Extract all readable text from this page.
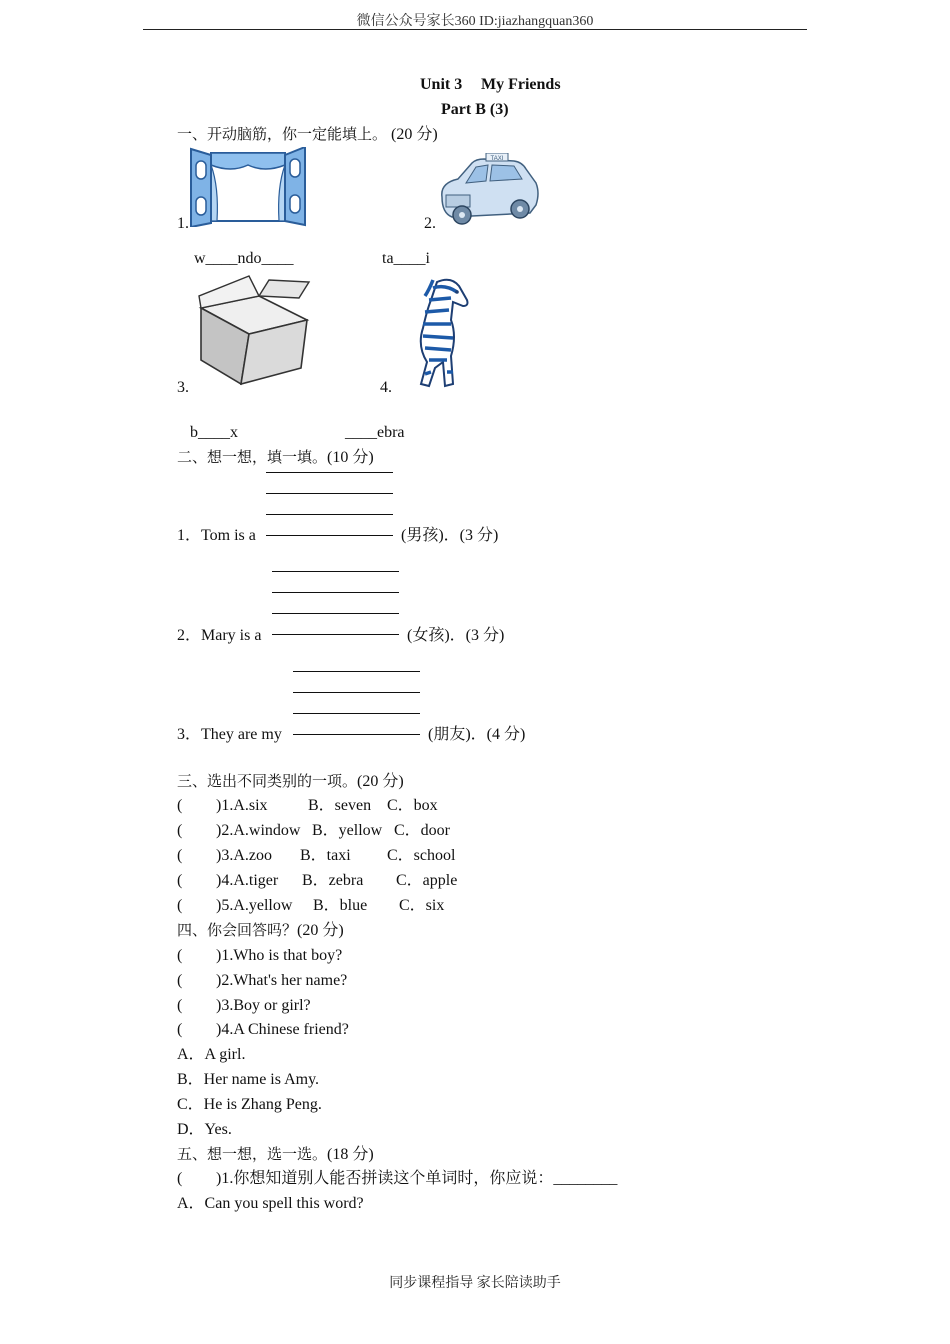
微信公众号家长360 ID:jiazhangquan360
Unit 3 My Friends
Part B (3)
一、开动脑筋，你一定能填上。 (20 分)
1.
TAXI
2.
w____ndo____	ta____i
3.	4.
b____x	____ebra
二、想一想，填一填。(10 分)
1．Tom is a	(男孩)．(3 分)
2．Mary is a	(女孩)．(3 分)
3．They are my	(朋友)．(4 分)
三、选出不同类别的一项。(20 分)
( )1.A.six	B．seven C．box
( )2.A.window B．yellow C．door
( )3.A.zoo B．taxi C．school
( )4.A.tiger B．zebra C．apple
( )5.A.yellow B．blue C．six
四、你会回答吗？(20 分)
( )1.Who is that boy?
( )2.What's her name?
( )3.Boy or girl?
( )4.A Chinese friend?
A．A girl.
B．Her name is Amy.
C．He is Zhang Peng.
D．Yes.
五、想一想，选一选。(18 分)
( )1.你想知道别人能否拼读这个单词时，你应说：________
A．Can you spell this word?
同步课程指导 家长陪读助手
